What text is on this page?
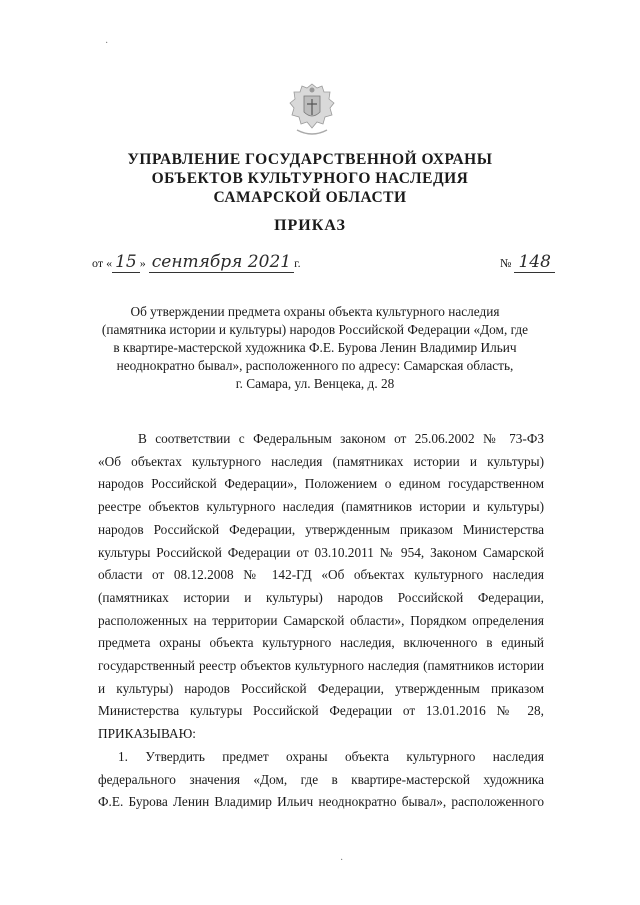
УПРАВЛЕНИЕ ГОСУДАРСТВЕННОЙ ОХРАНЫ
ОБЪЕКТОВ КУЛЬТУРНОГО НАСЛЕДИЯ
САМАРСКОЙ ОБЛАСТИ
ПРИКАЗ
от « 15 » сентября 2021 г.	№ 148
Об утверждении предмета охраны объекта культурного наследия
(памятника истории и культуры) народов Российской Федерации «Дом, где
в квартире-мастерской художника Ф.Е. Бурова Ленин Владимир Ильич
неоднократно бывал», расположенного по адресу: Самарская область,
г. Самара, ул. Венцека, д. 28
В соответствии с Федеральным законом от 25.06.2002 № 73-ФЗ
«Об объектах культурного наследия (памятниках истории и культуры)
народов Российской Федерации», Положением о едином государственном
реестре объектов культурного наследия (памятников истории и культуры)
народов Российской Федерации, утвержденным приказом Министерства
культуры Российской Федерации от 03.10.2011 № 954, Законом Самарской
области от 08.12.2008 № 142-ГД «Об объектах культурного наследия
(памятниках истории и культуры) народов Российской Федерации,
расположенных на территории Самарской области», Порядком определения
предмета охраны объекта культурного наследия, включенного в единый
государственный реестр объектов культурного наследия (памятников истории
и культуры) народов Российской Федерации, утвержденным приказом
Министерства культуры Российской Федерации от 13.01.2016 № 28,
ПРИКАЗЫВАЮ:
1. Утвердить предмет охраны объекта культурного наследия
федерального значения «Дом, где в квартире-мастерской художника
Ф.Е. Бурова Ленин Владимир Ильич неоднократно бывал», расположенного
·
·
